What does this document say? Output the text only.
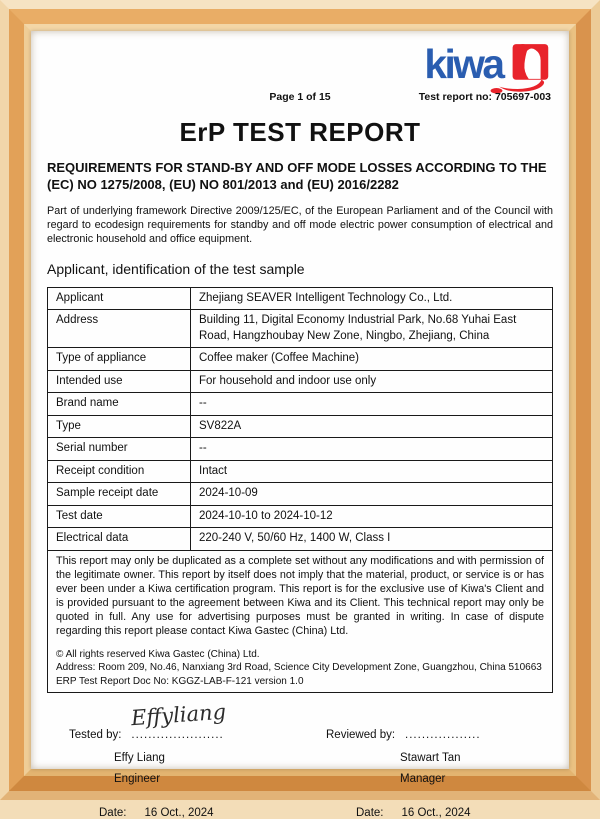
kiwa
Page 1 of 15	Test report no: 705697-003
ErP TEST REPORT

REQUIREMENTS FOR STAND-BY AND OFF MODE LOSSES ACCORDING TO THE (EC) NO 1275/2008, (EU) NO 801/2013 and (EU) 2016/2282

Part of underlying framework Directive 2009/125/EC, of the European Parliament and of the Council with regard to ecodesign requirements for standby and off mode electric power consumption of electrical and electronic household and office equipment.

Applicant, identification of the test sample
Applicant	Zhejiang SEAVER Intelligent Technology Co., Ltd.
Address	Building 11, Digital Economy Industrial Park, No.68 Yuhai East Road, Hangzhoubay New Zone, Ningbo, Zhejiang, China
Type of appliance	Coffee maker (Coffee Machine)
Intended use	For household and indoor use only
Brand name	--
Type	SV822A
Serial number	--
Receipt condition	Intact
Sample receipt date	2024-10-09
Test date	2024-10-10 to 2024-10-12
Electrical data	220-240 V, 50/60 Hz, 1400 W, Class I

This report may only be duplicated as a complete set without any modifications and with permission of the legitimate owner. This report by itself does not imply that the material, product, or service is or has ever been under a Kiwa certification program. This report is for the exclusive use of Kiwa's Client and is provided pursuant to the agreement between Kiwa and its Client. This technical report may only be quoted in full. Any use for advertising purposes must be granted in writing. In case of dispute regarding this report please contact Kiwa Gastec (China) Ltd.

© All rights reserved Kiwa Gastec (China) Ltd.

Address: Room 209, No.46, Nanxiang 3rd Road, Science City Development Zone, Guangzhou, China 510663

ERP Test Report Doc No: KGGZ-LAB-F-121 version 1.0

Tested by: ......................
Effyliang
Effy Liang
Engineer
Reviewed by: ..................
Stawart Tan
Manager
Date: 16 Oct., 2024	Date: 16 Oct., 2024
